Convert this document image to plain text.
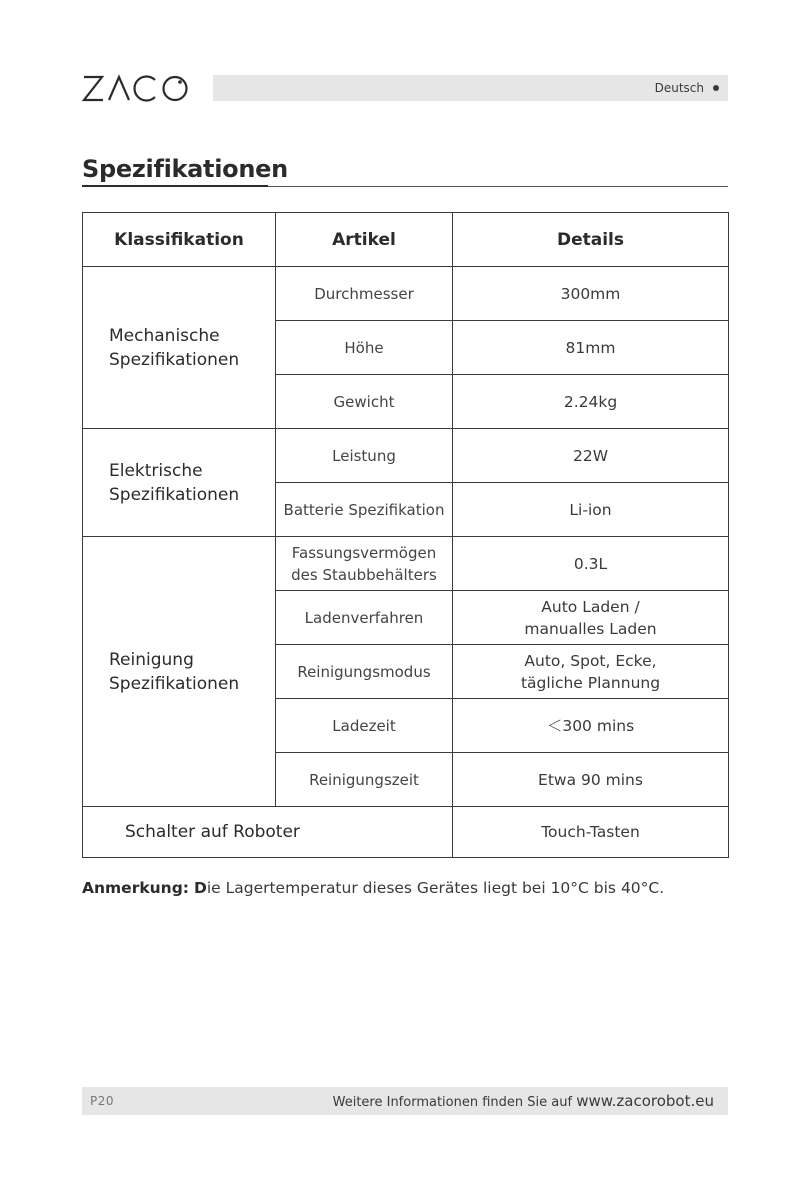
Deutsch
Spezifikationen
Klassifikation	Artikel	Details
Mechanische
Spezifikationen	Durchmesser	300mm
	Höhe	81mm
	Gewicht	2.24kg
Elektrische
Spezifikationen	Leistung	22W
	Batterie Spezifikation	Li-ion
Reinigung
Spezifikationen	Fassungsvermögen
des Staubbehälters	0.3L
	Ladenverfahren	Auto Laden /
manualles Laden
	Reinigungsmodus	Auto, Spot, Ecke,
tägliche Plannung
	Ladezeit	＜300 mins
	Reinigungszeit	Etwa 90 mins
Schalter auf Roboter		Touch-Tasten
Anmerkung: Die Lagertemperatur dieses Gerätes liegt bei 10°C bis 40°C.
P20	Weitere Informationen finden Sie auf www.zacorobot.eu
